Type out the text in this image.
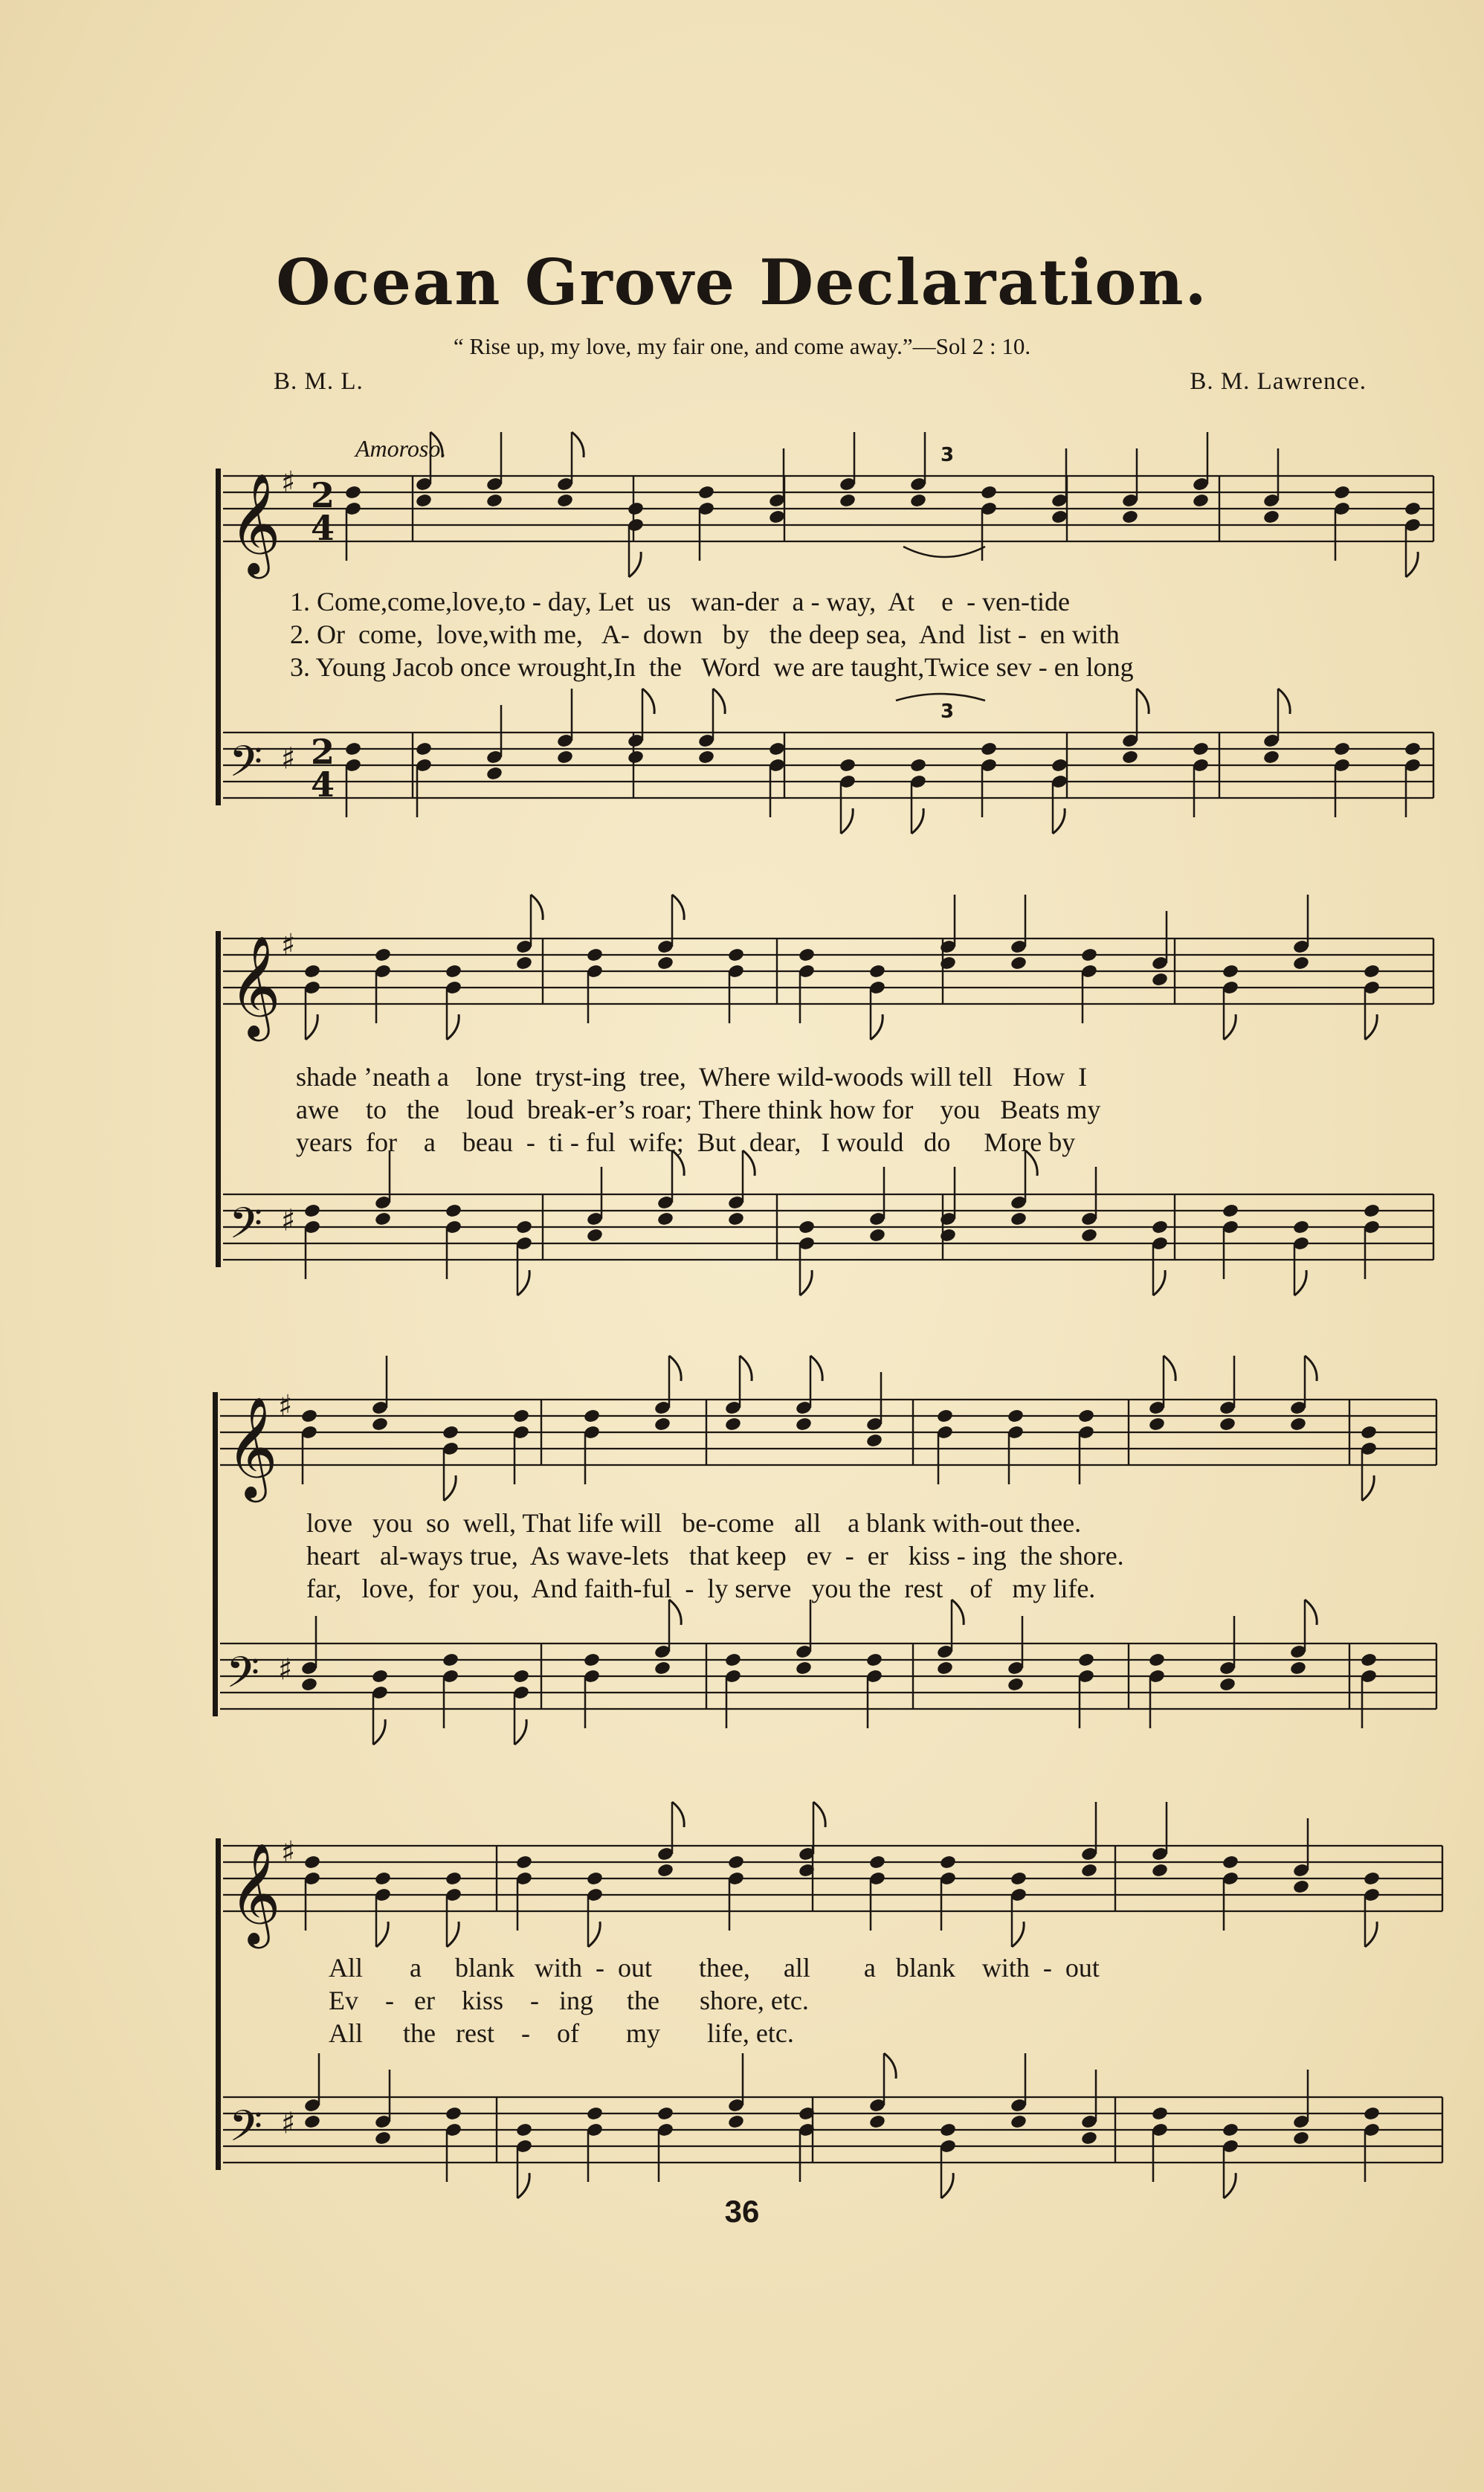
Ocean Grove Declaration.
“ Rise up, my love, my fair one, and come away.”—Sol 2 : 10.
B. M. L.	B. M. Lawrence.
Amoroso.
𝄞 ♯ 2
4
𝄢 ♯ 2
4
𝄞 ♯
𝄢 ♯
𝄞 ♯
𝄢 ♯
𝄞 ♯
𝄢 ♯
3
3
1. Come,come,love,to - day, Let  us   wan-der  a - way,  At    e  - ven-tide
2. Or  come,  love,with me,   A-  down   by   the deep sea,  And  list -  en with
3. Young Jacob once wrought,In  the   Word  we are taught,Twice sev - en long
shade ’neath a    lone  tryst-ing  tree,  Where wild-woods will tell   How  I
awe    to   the    loud  break-er’s roar; There think how for    you   Beats my
years  for    a    beau  -  ti - ful  wife;  But  dear,   I would   do     More by
love   you  so  well, That life will   be-come   all    a blank with-out thee.
heart   al-ways true,  As wave-lets   that keep   ev  -  er   kiss - ing  the shore.
far,   love,  for  you,  And faith-ful  -  ly serve   you the  rest    of   my life.
All       a     blank   with  -  out       thee,     all        a   blank    with  -  out
Ev    -   er    kiss    -   ing     the      shore, etc.
All      the   rest    -    of       my       life, etc.
36
